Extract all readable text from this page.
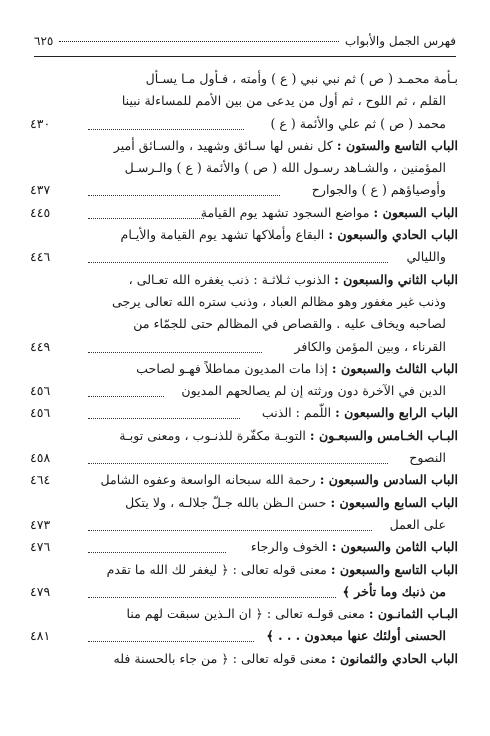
فهرس الجمل والأبواب
٦٢٥
بـأمة محمـد ( ص ) ثم نبي نبي ( ع ) وأمته ، فـأول مـا يسـأل
القلم ، ثم اللوح ، ثم أول من يدعى من بين الأمم للمساءلة نبينا
محمد ( ص ) ثم علي والأئمة ( ع )
٤٣٠
الباب التاسع والستون : كل نفس لها سـائق وشهيد ، والسـائق أمير
المؤمنين ، والشـاهد رسـول الله ( ص ) والأئمة ( ع ) والـرسـل
وأوصياؤهم ( ع ) والجوارح
٤٣٧
الباب السبعون : مواضع السجود تشهد يوم القيامة
٤٤٥
الباب الحادي والسبعون : البقاع وأملاكها تشهد يوم القيامة والأيـام
والليالي
٤٤٦
الباب الثاني والسبعون : الذنوب ثـلاثـة : ذنب يغفره الله تعـالى ،
وذنب غير مغفور وهو مظالم العباد ، وذنب ستره الله تعالى يرجى
لصاحبه ويخاف عليه . والقصاص في المظالم حتى للجمّاء من
القرناء ، وبين المؤمن والكافر
٤٤٩
الباب الثالث والسبعون : إذا مات المديون مماطلاً فهـو لصاحب
الدين في الآخرة دون ورثته إن لم يصالحهم المديون
٤٥٦
الباب الرابع والسبعون : اللّمم : الذنب
٤٥٦
البـاب الخـامس والسبعـون : التوبـة مكفّرة للذنـوب ، ومعنى توبـة
النصوح
٤٥٨
الباب السادس والسبعون : رحمة الله سبحانه الواسعة وعفوه الشامل
٤٦٤
الباب السابع والسبعون : حسن الـظن بالله جـلّ جلالـه ، ولا يتكل
على العمل
٤٧٣
الباب الثامن والسبعون : الخوف والرجاء
٤٧٦
الباب التاسع والسبعون : معنى قوله تعالى : ﴿ ليغفر لك الله ما تقدم
من ذنبك وما تأخر ﴾
٤٧٩
البـاب الثمانـون : معنى قولـه تعالى : ﴿ ان الـذين سبقت لهم منا
الحسنى أولئك عنها مبعدون . . . ﴾
٤٨١
الباب الحادي والثمانون : معنى قوله تعالى : ﴿ من جاء بالحسنة فله
